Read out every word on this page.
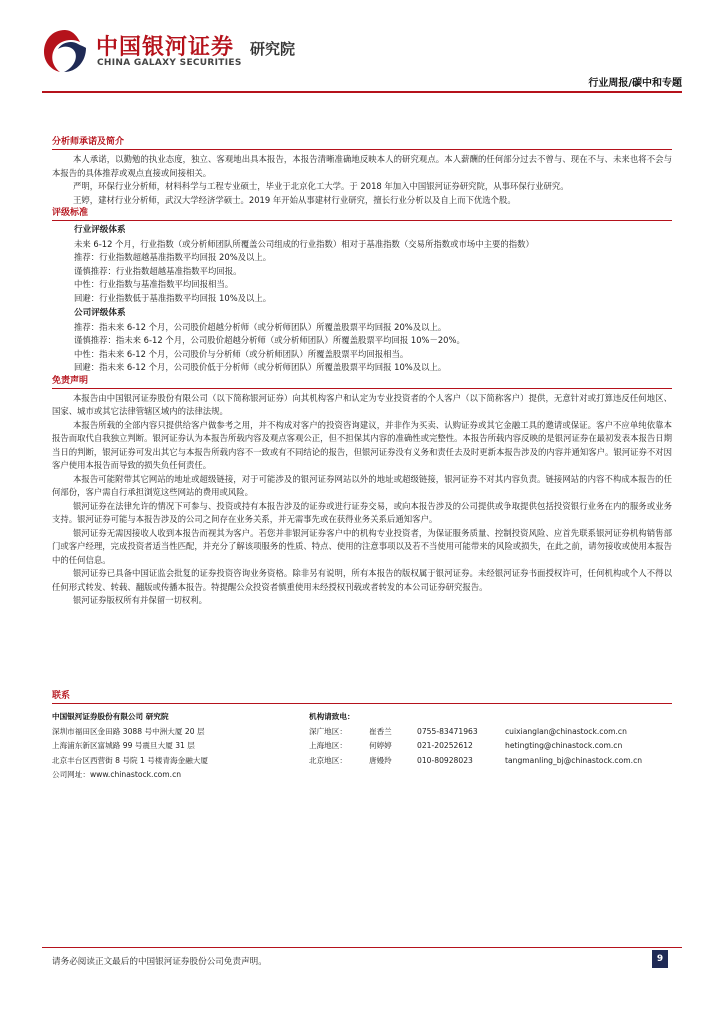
中国银河证券
CHINA GALAXY SECURITIES
研究院
行业周报/碳中和专题
分析师承诺及简介

本人承诺，以勤勉的执业态度，独立、客观地出具本报告，本报告清晰准确地反映本人的研究观点。本人薪酬的任何部分过去不曾与、现在不与、未来也将不会与本报告的具体推荐或观点直接或间接相关。

严明，环保行业分析师，材料科学与工程专业硕士，毕业于北京化工大学。于 2018 年加入中国银河证券研究院，从事环保行业研究。

王婷，建材行业分析师，武汉大学经济学硕士。2019 年开始从事建材行业研究，擅长行业分析以及自上而下优选个股。

评级标准
行业评级体系

未来 6-12 个月，行业指数（或分析师团队所覆盖公司组成的行业指数）相对于基准指数（交易所指数或市场中主要的指数）

推荐：行业指数超越基准指数平均回报 20%及以上。

谨慎推荐：行业指数超越基准指数平均回报。

中性：行业指数与基准指数平均回报相当。

回避：行业指数低于基准指数平均回报 10%及以上。

公司评级体系

推荐：指未来 6-12 个月，公司股价超越分析师（或分析师团队）所覆盖股票平均回报 20%及以上。

谨慎推荐：指未来 6-12 个月，公司股价超越分析师（或分析师团队）所覆盖股票平均回报 10%－20%。

中性：指未来 6-12 个月，公司股价与分析师（或分析师团队）所覆盖股票平均回报相当。

回避：指未来 6-12 个月，公司股价低于分析师（或分析师团队）所覆盖股票平均回报 10%及以上。

免责声明

本报告由中国银河证券股份有限公司（以下简称银河证券）向其机构客户和认定为专业投资者的个人客户（以下简称客户）提供，无意针对或打算违反任何地区、国家、城市或其它法律管辖区域内的法律法规。

本报告所载的全部内容只提供给客户做参考之用，并不构成对客户的投资咨询建议，并非作为买卖、认购证券或其它金融工具的邀请或保证。客户不应单纯依靠本报告而取代自我独立判断。银河证券认为本报告所载内容及观点客观公正，但不担保其内容的准确性或完整性。本报告所载内容反映的是银河证券在最初发表本报告日期当日的判断，银河证券可发出其它与本报告所载内容不一致或有不同结论的报告，但银河证券没有义务和责任去及时更新本报告涉及的内容并通知客户。银河证券不对因客户使用本报告而导致的损失负任何责任。

本报告可能附带其它网站的地址或超级链接，对于可能涉及的银河证券网站以外的地址或超级链接，银河证券不对其内容负责。链接网站的内容不构成本报告的任何部份，客户需自行承担浏览这些网站的费用或风险。

银河证券在法律允许的情况下可参与、投资或持有本报告涉及的证券或进行证券交易，或向本报告涉及的公司提供或争取提供包括投资银行业务在内的服务或业务支持。银河证券可能与本报告涉及的公司之间存在业务关系，并无需事先或在获得业务关系后通知客户。

银河证券无需因接收人收到本报告而视其为客户。若您并非银河证券客户中的机构专业投资者，为保证服务质量、控制投资风险、应首先联系银河证券机构销售部门或客户经理，完成投资者适当性匹配，并充分了解该项服务的性质、特点、使用的注意事项以及若不当使用可能带来的风险或损失，在此之前，请勿接收或使用本报告中的任何信息。

银河证券已具备中国证监会批复的证券投资咨询业务资格。除非另有说明，所有本报告的版权属于银河证券。未经银河证券书面授权许可，任何机构或个人不得以任何形式转发、转载、翻版或传播本报告。特提醒公众投资者慎重使用未经授权刊载或者转发的本公司证券研究报告。

银河证券版权所有并保留一切权利。

联系
中国银河证券股份有限公司 研究院
深圳市福田区金田路 3088 号中洲大厦 20 层
上海浦东新区富城路 99 号震旦大厦 31 层
北京丰台区西营街 8 号院 1 号楼青海金融大厦
公司网址：www.chinastock.com.cn
机构请致电：
深广地区：	崔香兰	0755-83471963	cuixianglan@chinastock.com.cn
上海地区：	何婷婷	021-20252612	hetingting@chinastock.com.cn
北京地区：	唐嫚羚	010-80928023	tangmanling_bj@chinastock.com.cn
请务必阅读正文最后的中国银河证券股份公司免责声明。	9
